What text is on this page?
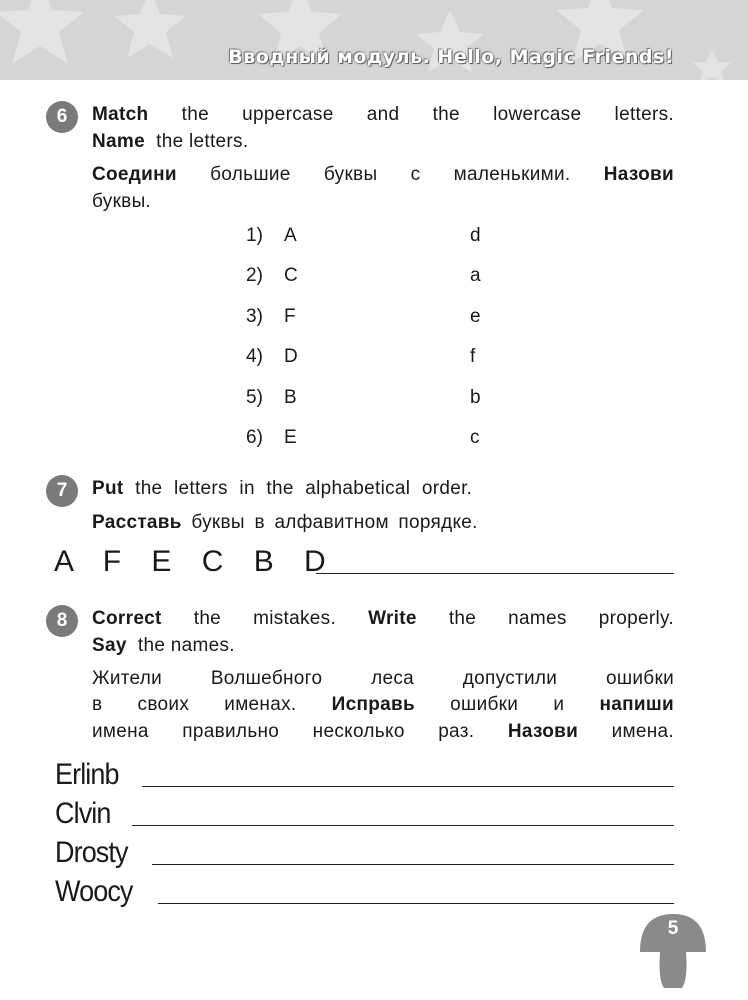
Вводный модуль. Hello, Magic Friends!
6	Match the uppercase and the lowercase letters.
Name the letters.
Соедини большие буквы с маленькими. Назови
буквы.
1) A	d
2) C	a
3) F	e
4) D	f
5) B	b
6) E	c
7	Put the letters in the alphabetical order.
Расставь буквы в алфавитном порядке.
A F E C B D
8	Correct the mistakes. Write the names properly.
Say the names.
Жители Волшебного леса допустили ошибки
в своих именах. Исправь ошибки и напиши
имена правильно несколько раз. Назови имена.
Erlinb
Clvin
Drosty
Woocy
5
